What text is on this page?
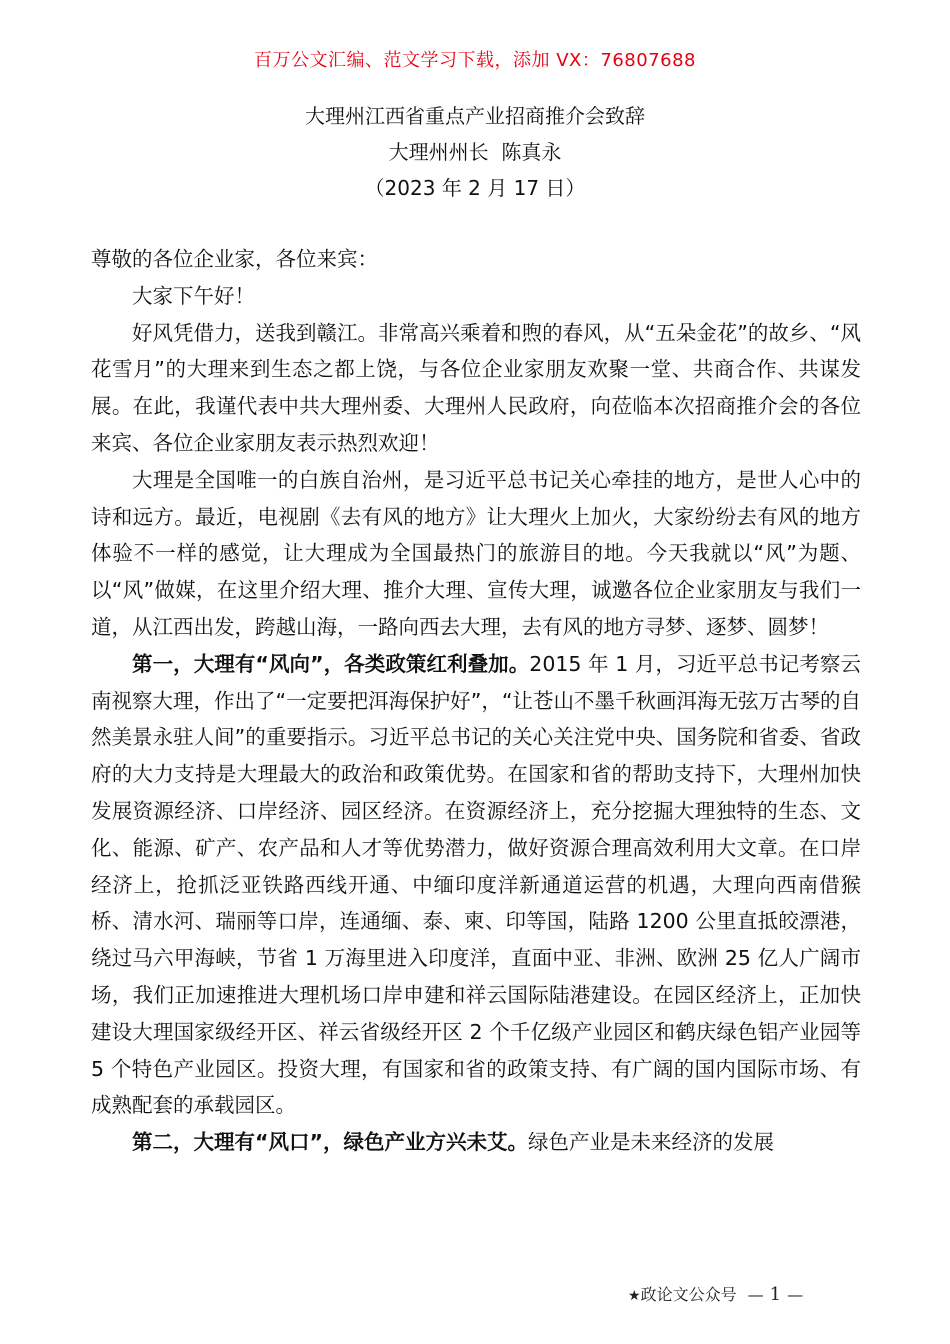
百万公文汇编、范文学习下载，添加 VX：76807688
大理州江西省重点产业招商推介会致辞
大理州州长  陈真永
（2023 年 2 月 17 日）

尊敬的各位企业家，各位来宾：

大家下午好！

好风凭借力，送我到赣江。非常高兴乘着和煦的春风，从“五朵金花”的故乡、“风花雪月”的大理来到生态之都上饶，与各位企业家朋友欢聚一堂、共商合作、共谋发展。在此，我谨代表中共大理州委、大理州人民政府，向莅临本次招商推介会的各位来宾、各位企业家朋友表示热烈欢迎！

大理是全国唯一的白族自治州，是习近平总书记关心牵挂的地方，是世人心中的诗和远方。最近，电视剧《去有风的地方》让大理火上加火，大家纷纷去有风的地方体验不一样的感觉，让大理成为全国最热门的旅游目的地。今天我就以“风”为题、以“风”做媒，在这里介绍大理、推介大理、宣传大理，诚邀各位企业家朋友与我们一道，从江西出发，跨越山海，一路向西去大理，去有风的地方寻梦、逐梦、圆梦！

第一，大理有“风向”，各类政策红利叠加。2015 年 1 月，习近平总书记考察云南视察大理，作出了“一定要把洱海保护好”，“让苍山不墨千秋画洱海无弦万古琴的自然美景永驻人间”的重要指示。习近平总书记的关心关注党中央、国务院和省委、省政府的大力支持是大理最大的政治和政策优势。在国家和省的帮助支持下，大理州加快发展资源经济、口岸经济、园区经济。在资源经济上，充分挖掘大理独特的生态、文化、能源、矿产、农产品和人才等优势潜力，做好资源合理高效利用大文章。在口岸经济上，抢抓泛亚铁路西线开通、中缅印度洋新通道运营的机遇，大理向西南借猴桥、清水河、瑞丽等口岸，连通缅、泰、柬、印等国，陆路 1200 公里直抵皎漂港，绕过马六甲海峡，节省 1 万海里进入印度洋，直面中亚、非洲、欧洲 25 亿人广阔市场，我们正加速推进大理机场口岸申建和祥云国际陆港建设。在园区经济上，正加快建设大理国家级经开区、祥云省级经开区 2 个千亿级产业园区和鹤庆绿色铝产业园等 5 个特色产业园区。投资大理，有国家和省的政策支持、有广阔的国内国际市场、有成熟配套的承载园区。

第二，大理有“风口”，绿色产业方兴未艾。绿色产业是未来经济的发展

★政论文公众号 — 1 —
